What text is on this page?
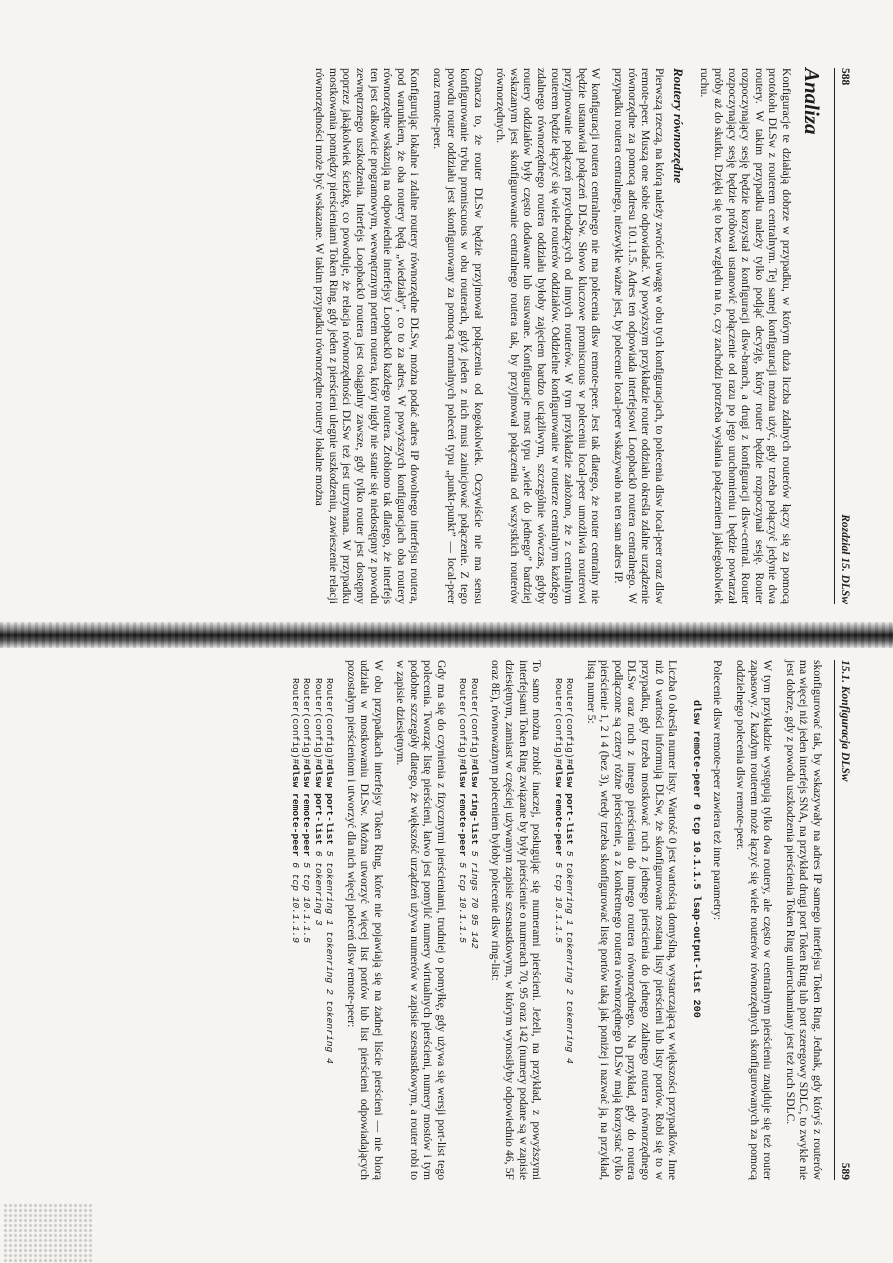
588
Rozdział 15. DLSw
Analiza

Konfiguracje te działają dobrze w przypadku, w którym duża liczba zdalnych routerów łączy się za pomocą protokołu DLSw z routerem centralnym. Tej samej konfiguracji można użyć, gdy trzeba połączyć jedynie dwa routery. W takim przypadku należy tylko podjąć decyzję, który router będzie rozpoczynał sesję. Router rozpoczynający sesję będzie korzystał z konfiguracji dlsw-branch, a drugi z konfiguracji dlsw-central. Router rozpoczynający sesję będzie próbował ustanowić połączenie od razu po jego uruchomieniu i będzie powtarzał próby aż do skutku. Dzięki się to bez względu na to, czy zachodzi potrzeba wysłania połączeniem jakiegokolwiek ruchu.

Routery równorzędne

Pierwszą rzeczą, na którą należy zwrócić uwagę w obu tych konfiguracjach, to polecenia dlsw local-peer oraz dlsw remote-peer. Muszą one sobie odpowiadać. W powyższym przykładzie router oddziału określa zdalne urządzenie równorzędne za pomocą adresu 10.1.1.5. Adres ten odpowiada interfejsowi Loopback0 routera centralnego. W przypadku routera centralnego, niezwykle ważne jest, by polecenie local-peer wskazywało na ten sam adres IP.

W konfiguracji routera centralnego nie ma polecenia dlsw remote-peer. Jest tak dlatego, że router centralny nie będzie ustanawiał połączeń DLSw. Słowo kluczowe promiscuous w poleceniu local-peer umożliwia routerowi przyjmowanie połączeń przychodzących od innych routerów. W tym przykładzie założono, że z centralnym routerem będzie łączyć się wiele routerów oddziałów. Oddzielne konfigurowanie w routerze centralnym każdego zdalnego równorzędnego routera oddziału byłoby zajęciem bardzo uciążliwym, szczególnie wówczas, gdyby routery oddziałów były często dodawane lub usuwane. Konfiguracje most typu „wiele do jednego” bardziej wskazanym jest skonfigurowanie centralnego routera tak, by przyjmował połączenia od wszystkich routerów równorzędnych.

Oznacza to, że router DLSw będzie przyjmował połączenia od kogokolwiek. Oczywiście nie ma sensu konfigurowanie trybu promiscuous w obu routerach, gdyż jeden z nich musi zainicjować połączenie. Z tego powodu router oddziału jest skonfigurowany za pomocą normalnych poleceń typu „punkt-punkt” — local-peer oraz remote-peer.

Konfigurując lokalne i zdalne routery równorzędne DLSw, można podać adres IP dowolnego interfejsu routera, pod warunkiem, że oba routery będą „wiedziały”, co to za adres. W powyższych konfiguracjach oba routery równorzędne wskazują na odpowiednie interfejsy Loopback0 każdego routera. Zrobiono tak dlatego, że interfejs ten jest całkowicie programowym, wewnętrznym portem routera, który nigdy nie stanie się niedostępny z powodu zewnętrznego uszkodzenia. Interfejs Loopback0 routera jest osiągalny zawsze, gdy tylko router jest dostępny poprzez jakąkolwiek ścieżkę, co powoduje, że relacja równorzędności DLSw też jest utrzymana. W przypadku mostkowania pomiędzy pierścieniami Token Ring, gdy jeden z pierścieni ulegnie uszkodzeniu, zawieszenie relacji równorzędności może być wskazane. W takim przypadku równorzędne routery lokalne można

15.1. Konfiguracja DLSw
589

skonfigurować tak, by wskazywały na adres IP samego interfejsu Token Ring. Jednak, gdy któryś z routerów ma więcej niż jeden interfejs SNA, na przykład drugi port Token Ring lub port szeregowy SDLC, to zwykle nie jest dobrze, gdy z powodu uszkodzenia pierścienia Token Ring unieruchamiany jest też ruch SDLC.

W tym przykładzie występują tylko dwa routery, ale często w centralnym pierścieniu znajduje się też router zapasowy. Z każdym routerem może łączyć się wiele routerów równorzędnych skonfigurowanych za pomocą oddzielnego polecenia dlsw remote-peer.

Polecenie dlsw remote-peer zawiera też inne parametry:

dlsw remote-peer 0 tcp 10.1.1.5 lsap-output-list 200

Liczba 0 określa numer listy. Wartość 0 jest wartością domyślną, wystarczającą w większości przypadków. Inne niż 0 wartości informują DLSw, że skonfigurowane zostaną listy pierścieni lub listy portów. Robi się to w przypadku, gdy trzeba mostkować ruch z jednego pierścienia do jednego zdalnego routera równorzędnego DLSw oraz ruch z innego pierścienia do innego routera równorzędnego. Na przykład, gdy do routera podłączone są cztery różne pierścienie, a z konkretnego routera równorzędnego DLSw mają korzystać tylko pierścienie 1, 2 i 4 (bez 3), wtedy trzeba skonfigurować listę portów taką jak poniżej i nazwać ją, na przykład, listą numer 5:

Router(config)#dlsw port-list 5 tokenring 1 tokenring 2 tokenring 4
Router(config)#dlsw remote-peer 5 tcp 10.1.1.5

To samo można zrobić inaczej, posługując się numerami pierścieni. Jeżeli, na przykład, z powyższymi interfejsami Token Ring związane by były pierścienie o numerach 70, 95 oraz 142 (numery podane są w zapisie dziesiętnym, zamiast w częściej używanym zapisie szesnastkowym, w którym wynosiłyby odpowiednio 46, 5F oraz 8E), równoważnym poleceniem byłoby polecenie dlsw ring-list:

Router(config)#dlsw ring-list 5 rings 70 95 142
Router(config)#dlsw remote-peer 5 tcp 10.1.1.5

Gdy ma się do czynienia z fizycznymi pierścieniami, trudniej o pomyłkę, gdy używa się wersji port-list tego polecenia. Tworząc listę pierścieni, łatwo jest pomylić numery wirtualnych pierścieni, numery mostów i tym podobne szczegóły dlatego, że większość urządzeń używa numerów w zapisie szesnastkowym, a router robi to w zapisie dziesiętnym.

W obu przypadkach interfejsy Token Ring, które nie pojawiają się na żadnej liście pierścieni — nie biorą udziału w mostkowaniu DLSw. Można utworzyć więcej list portów lub list pierścieni odpowiadających pozostałym pierścieniom i utworzyć dla nich więcej poleceń dlsw remote-peer:

Router(config)#dlsw port-list 5 tokenring 1 tokenring 2 tokenring 4
Router(config)#dlsw port-list 6 tokenring 3
Router(config)#dlsw remote-peer 5 tcp 10.1.1.5
Router(config)#dlsw remote-peer 6 tcp 10.1.1.9
